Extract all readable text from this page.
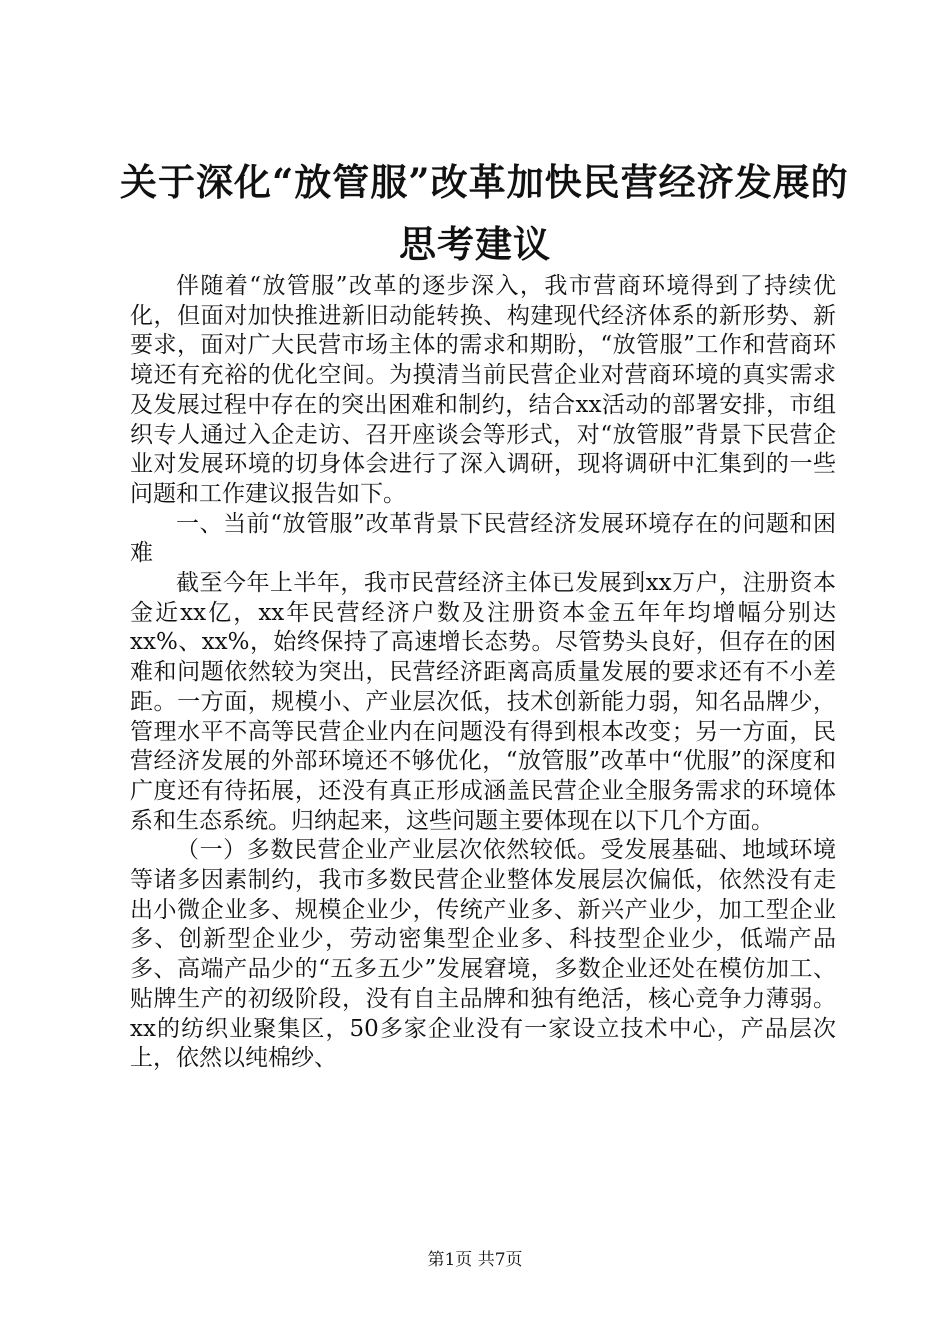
关于深化“放管服”改革加快民营经济发展的
思考建议

伴随着“放管服”改革的逐步深入，我市营商环境得到了持续优化，但面对加快推进新旧动能转换、构建现代经济体系的新形势、新要求，面对广大民营市场主体的需求和期盼，“放管服”工作和营商环境还有充裕的优化空间。为摸清当前民营企业对营商环境的真实需求及发展过程中存在的突出困难和制约，结合xx活动的部署安排，市组织专人通过入企走访、召开座谈会等形式，对“放管服”背景下民营企业对发展环境的切身体会进行了深入调研，现将调研中汇集到的一些问题和工作建议报告如下。

一、当前“放管服”改革背景下民营经济发展环境存在的问题和困难

截至今年上半年，我市民营经济主体已发展到xx万户，注册资本金近xx亿，xx年民营经济户数及注册资本金五年年均增幅分别达xx%、xx%，始终保持了高速增长态势。尽管势头良好，但存在的困难和问题依然较为突出，民营经济距离高质量发展的要求还有不小差距。一方面，规模小、产业层次低，技术创新能力弱，知名品牌少，管理水平不高等民营企业内在问题没有得到根本改变；另一方面，民营经济发展的外部环境还不够优化，“放管服”改革中“优服”的深度和广度还有待拓展，还没有真正形成涵盖民营企业全服务需求的环境体系和生态系统。归纳起来，这些问题主要体现在以下几个方面。

（一）多数民营企业产业层次依然较低。受发展基础、地域环境等诸多因素制约，我市多数民营企业整体发展层次偏低，依然没有走出小微企业多、规模企业少，传统产业多、新兴产业少，加工型企业多、创新型企业少，劳动密集型企业多、科技型企业少，低端产品多、高端产品少的“五多五少”发展窘境，多数企业还处在模仿加工、贴牌生产的初级阶段，没有自主品牌和独有绝活，核心竞争力薄弱。xx的纺织业聚集区，50多家企业没有一家设立技术中心，产品层次上，依然以纯棉纱、

第1页 共7页
